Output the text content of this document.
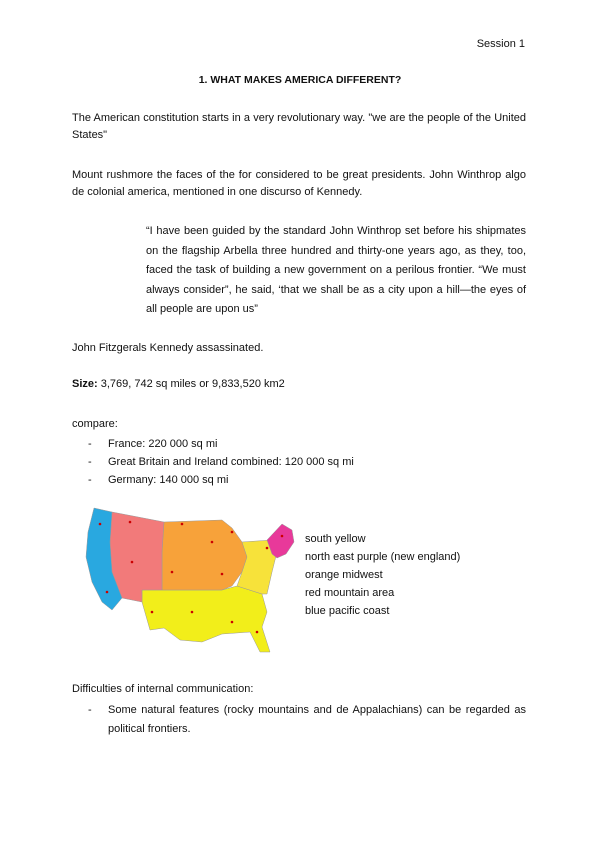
Session 1
1. WHAT MAKES AMERICA DIFFERENT?
The American constitution starts in a very revolutionary way. "we are the people of the United States"
Mount rushmore the faces of the for considered to be great presidents. John Winthrop algo de colonial america, mentioned in one discurso of Kennedy.
“I have been guided by the standard John Winthrop set before his shipmates on the flagship Arbella three hundred and thirty-one years ago, as they, too, faced the task of building a new government on a perilous frontier. “We must always consider”, he said, ‘that we shall be as a city upon a hill—the eyes of all people are upon us”
John Fitzgerals Kennedy assassinated.
Size: 3,769, 742 sq miles or 9,833,520 km2
compare:
- France: 220 000 sq mi
- Great Britain and Ireland combined: 120 000 sq mi
- Germany: 140 000 sq mi
south yellow
north east purple (new england)
orange midwest
red mountain area
blue pacific coast
Difficulties of internal communication:
- Some natural features (rocky mountains and de Appalachians) can be regarded as political frontiers.
